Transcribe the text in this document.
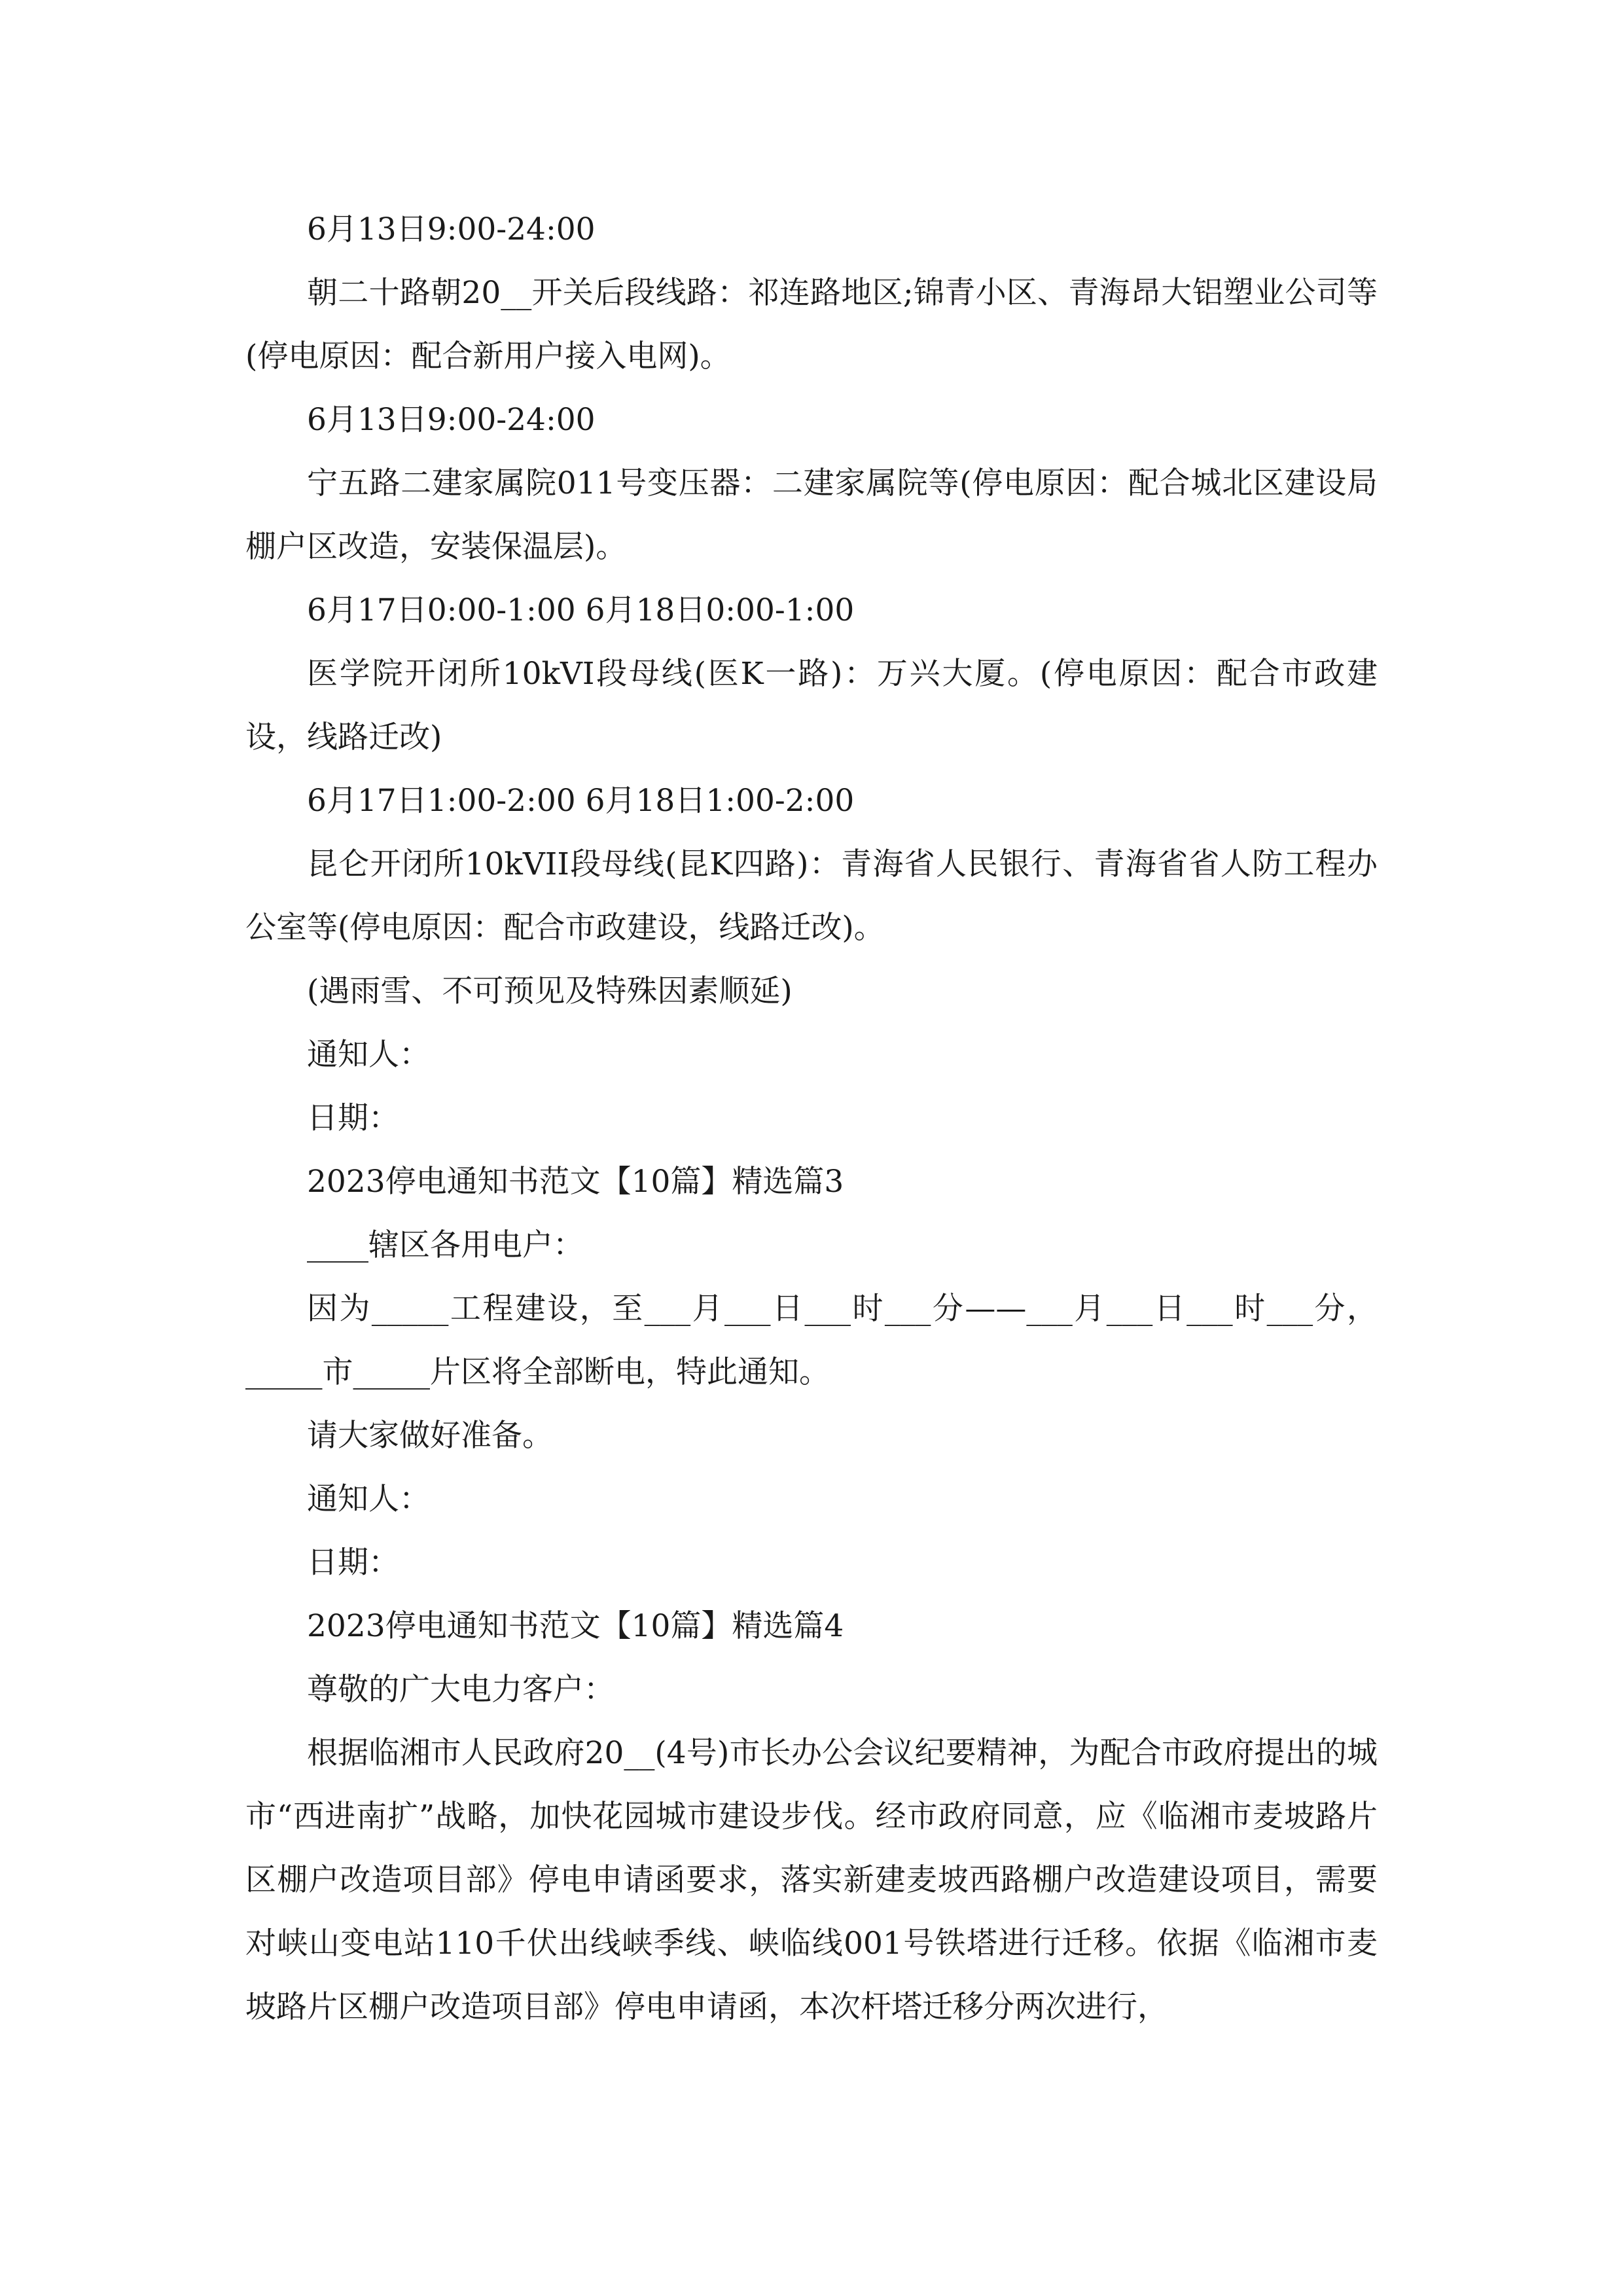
6月13日9:00-24:00

朝二十路朝20__开关后段线路：祁连路地区;锦青小区、青海昂大铝塑业公司等(停电原因：配合新用户接入电网)。

6月13日9:00-24:00

宁五路二建家属院011号变压器：二建家属院等(停电原因：配合城北区建设局棚户区改造，安装保温层)。

6月17日0:00-1:00 6月18日0:00-1:00

医学院开闭所10kVI段母线(医K一路)：万兴大厦。(停电原因：配合市政建设，线路迁改)

6月17日1:00-2:00 6月18日1:00-2:00

昆仑开闭所10kVII段母线(昆K四路)：青海省人民银行、青海省省人防工程办公室等(停电原因：配合市政建设，线路迁改)。

(遇雨雪、不可预见及特殊因素顺延)

通知人：

日期：

2023停电通知书范文【10篇】精选篇3

____辖区各用电户：

因为_____工程建设，至___月___日___时___分——___月___日___时___分，_____市_____片区将全部断电，特此通知。

请大家做好准备。

通知人：

日期：

2023停电通知书范文【10篇】精选篇4

尊敬的广大电力客户：

根据临湘市人民政府20__(4号)市长办公会议纪要精神，为配合市政府提出的城市“西进南扩”战略，加快花园城市建设步伐。经市政府同意，应《临湘市麦坡路片区棚户改造项目部》停电申请函要求，落实新建麦坡西路棚户改造建设项目，需要对峡山变电站110千伏出线峡季线、峡临线001号铁塔进行迁移。依据《临湘市麦坡路片区棚户改造项目部》停电申请函，本次杆塔迁移分两次进行，
